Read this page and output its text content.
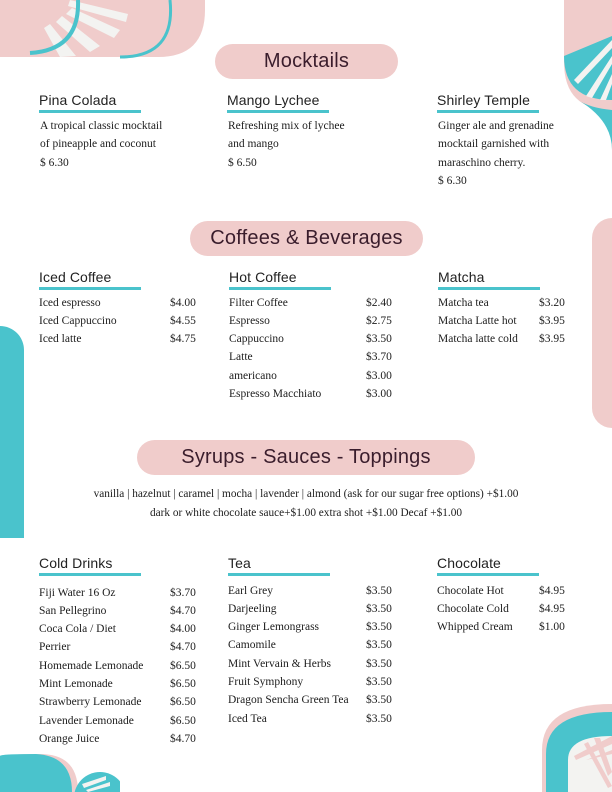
Mocktails
Pina Colada
A tropical classic mocktail
of pineapple and coconut
$ 6.30
Mango Lychee
Refreshing mix of lychee
and mango
$ 6.50
Shirley Temple
Ginger ale and grenadine
mocktail garnished with
maraschino cherry.
$ 6.30
Coffees & Beverages
Iced Coffee
Iced espresso	$4.00
Iced Cappuccino	$4.55
Iced latte	$4.75
Hot Coffee
Filter Coffee	$2.40
Espresso	$2.75
Cappuccino	$3.50
Latte	$3.70
americano	$3.00
Espresso Macchiato	$3.00
Matcha
Matcha tea	$3.20
Matcha Latte hot $3.95
Matcha latte cold $3.95
Syrups - Sauces - Toppings
vanilla | hazelnut | caramel | mocha | lavender | almond (ask for our sugar free options) +$1.00
dark or white chocolate sauce+$1.00 extra shot +$1.00 Decaf +$1.00
Cold Drinks
Fiji Water 16 Oz	$3.70
San Pellegrino	$4.70
Coca Cola / Diet	$4.00
Perrier	$4.70
Homemade Lemonade $6.50
Mint Lemonade	$6.50
Strawberry Lemonade $6.50
Lavender Lemonade	$6.50
Orange Juice	$4.70
Tea
Earl Grey	$3.50
Darjeeling	$3.50
Ginger Lemongrass	$3.50
Camomile	$3.50
Mint Vervain & Herbs	$3.50
Fruit Symphony	$3.50
Dragon Sencha Green Tea $3.50
Iced Tea	$3.50
Chocolate
Chocolate Hot	$4.95
Chocolate Cold	$4.95
Whipped Cream $1.00
